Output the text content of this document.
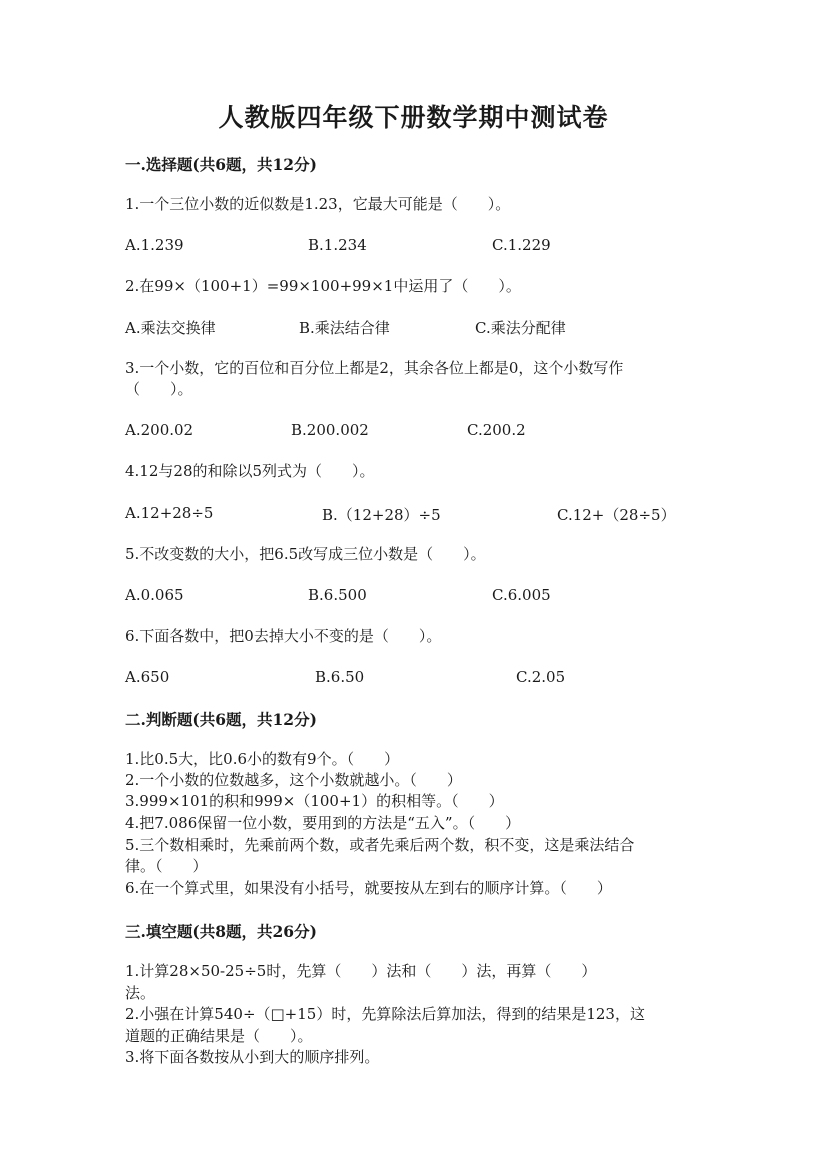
人教版四年级下册数学期中测试卷
一.选择题(共6题，共12分)
1.一个三位小数的近似数是1.23，它最大可能是（　　）。
A.1.239	B.1.234	C.1.229
2.在99×（100+1）=99×100+99×1中运用了（　　）。
A.乘法交换律	B.乘法结合律	C.乘法分配律
3.一个小数，它的百位和百分位上都是2，其余各位上都是0，这个小数写作
（　　）。
A.200.02	B.200.002	C.200.2
4.12与28的和除以5列式为（　　）。
A.12+28÷5	B.（12+28）÷5	C.12+（28÷5）
5.不改变数的大小，把6.5改写成三位小数是（　　）。
A.0.065	B.6.500	C.6.005
6.下面各数中，把0去掉大小不变的是（　　）。
A.650	B.6.50	C.2.05
二.判断题(共6题，共12分)
1.比0.5大，比0.6小的数有9个。（　　）
2.一个小数的位数越多，这个小数就越小。（　　）
3.999×101的积和999×（100+1）的积相等。（　　）
4.把7.086保留一位小数，要用到的方法是“五入”。（　　）
5.三个数相乘时，先乘前两个数，或者先乘后两个数，积不变，这是乘法结合
律。（　　）
6.在一个算式里，如果没有小括号，就要按从左到右的顺序计算。（　　）
三.填空题(共8题，共26分)
1.计算28×50-25÷5时，先算（　　）法和（　　）法，再算（　　）
法。
2.小强在计算540÷（□+15）时，先算除法后算加法，得到的结果是123，这
道题的正确结果是（　　）。
3.将下面各数按从小到大的顺序排列。
